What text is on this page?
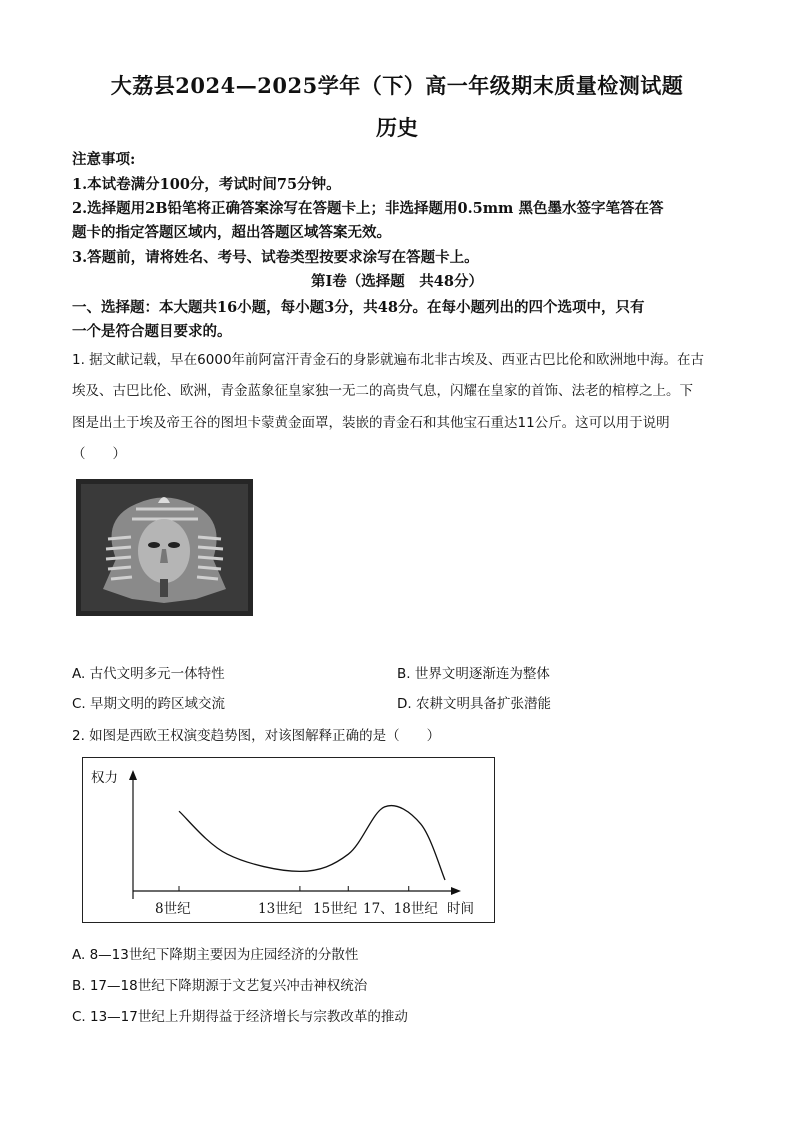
大荔县2024—2025学年（下）高一年级期末质量检测试题
历史
注意事项:
1.本试卷满分100分，考试时间75分钟。
2.选择题用2B铅笔将正确答案涂写在答题卡上；非选择题用0.5mm 黑色墨水签字笔答在答
题卡的指定答题区域内，超出答题区域答案无效。
3.答题前，请将姓名、考号、试卷类型按要求涂写在答题卡上。
第Ⅰ卷（选择题　共48分）
一、选择题：本大题共16小题，每小题3分，共48分。在每小题列出的四个选项中，只有
一个是符合题目要求的。
1. 据文献记载，早在6000年前阿富汗青金石的身影就遍布北非古埃及、西亚古巴比伦和欧洲地中海。在古
埃及、古巴比伦、欧洲，青金蓝象征皇家独一无二的高贵气息，闪耀在皇家的首饰、法老的棺椁之上。下
图是出土于埃及帝王谷的图坦卡蒙黄金面罩，装嵌的青金石和其他宝石重达11公斤。这可以用于说明
（　　）
A. 古代文明多元一体特性	B. 世界文明逐渐连为整体
C. 早期文明的跨区域交流	D. 农耕文明具备扩张潜能
2. 如图是西欧王权演变趋势图，对该图解释正确的是（　　）
权力
时间
8世纪	13世纪 15世纪 17、18世纪
A. 8—13世纪下降期主要因为庄园经济的分散性
B. 17—18世纪下降期源于文艺复兴冲击神权统治
C. 13—17世纪上升期得益于经济增长与宗教改革的推动
